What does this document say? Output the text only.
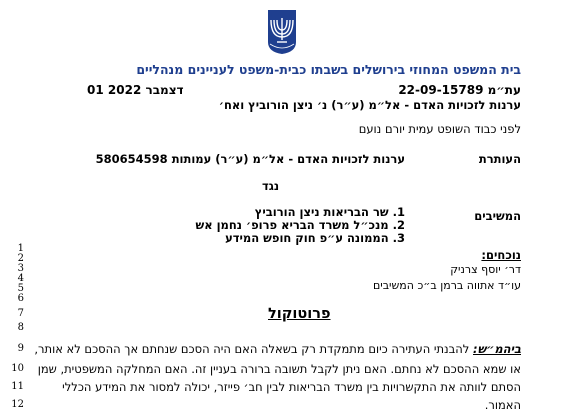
בית המשפט המחוזי בירושלים בשבתו כבית-משפט לעניינים מנהליים
עת״מ 22-09-15789
01 דצמבר 2022
ערנות לזכויות האדם - אל״מ (ע״ר) נ׳ ניצן הורוביץ ואח׳
לפני כבוד השופט עמית יורם נועם
העותרת
ערנות לזכויות האדם - אל״מ (ע״ר) עמותות 580654598
נגד
המשיבים
1. שר הבריאות ניצן הורוביץ
2. מנכ״ל משרד הבריא פרופ׳ נחמן אש
3. הממונה ע״פ חוק חופש המידע
1
2
3
4
5
6
7
8
9
10
11
12
נוכחים:
דר׳ יוסף צרניק
עו״ד אתווה ברמן ב״כ המשיבים
פרוטוקול
ביהמ״ש: להבנתי העתירה כיום מתמקדת רק בשאלה האם היה הסכם שנחתם אך ההסכם לא אותר,
או שמא ההסכם לא נחתם. האם ניתן לקבל תשובה ברורה בעניין זה. האם המחלקה המשפטית, שמן
הסתם לוותה את התקשרויות בין משרד הבריאות לבין חב׳ פייזר, יכולה למסור את המידע הכללי
האמור.
